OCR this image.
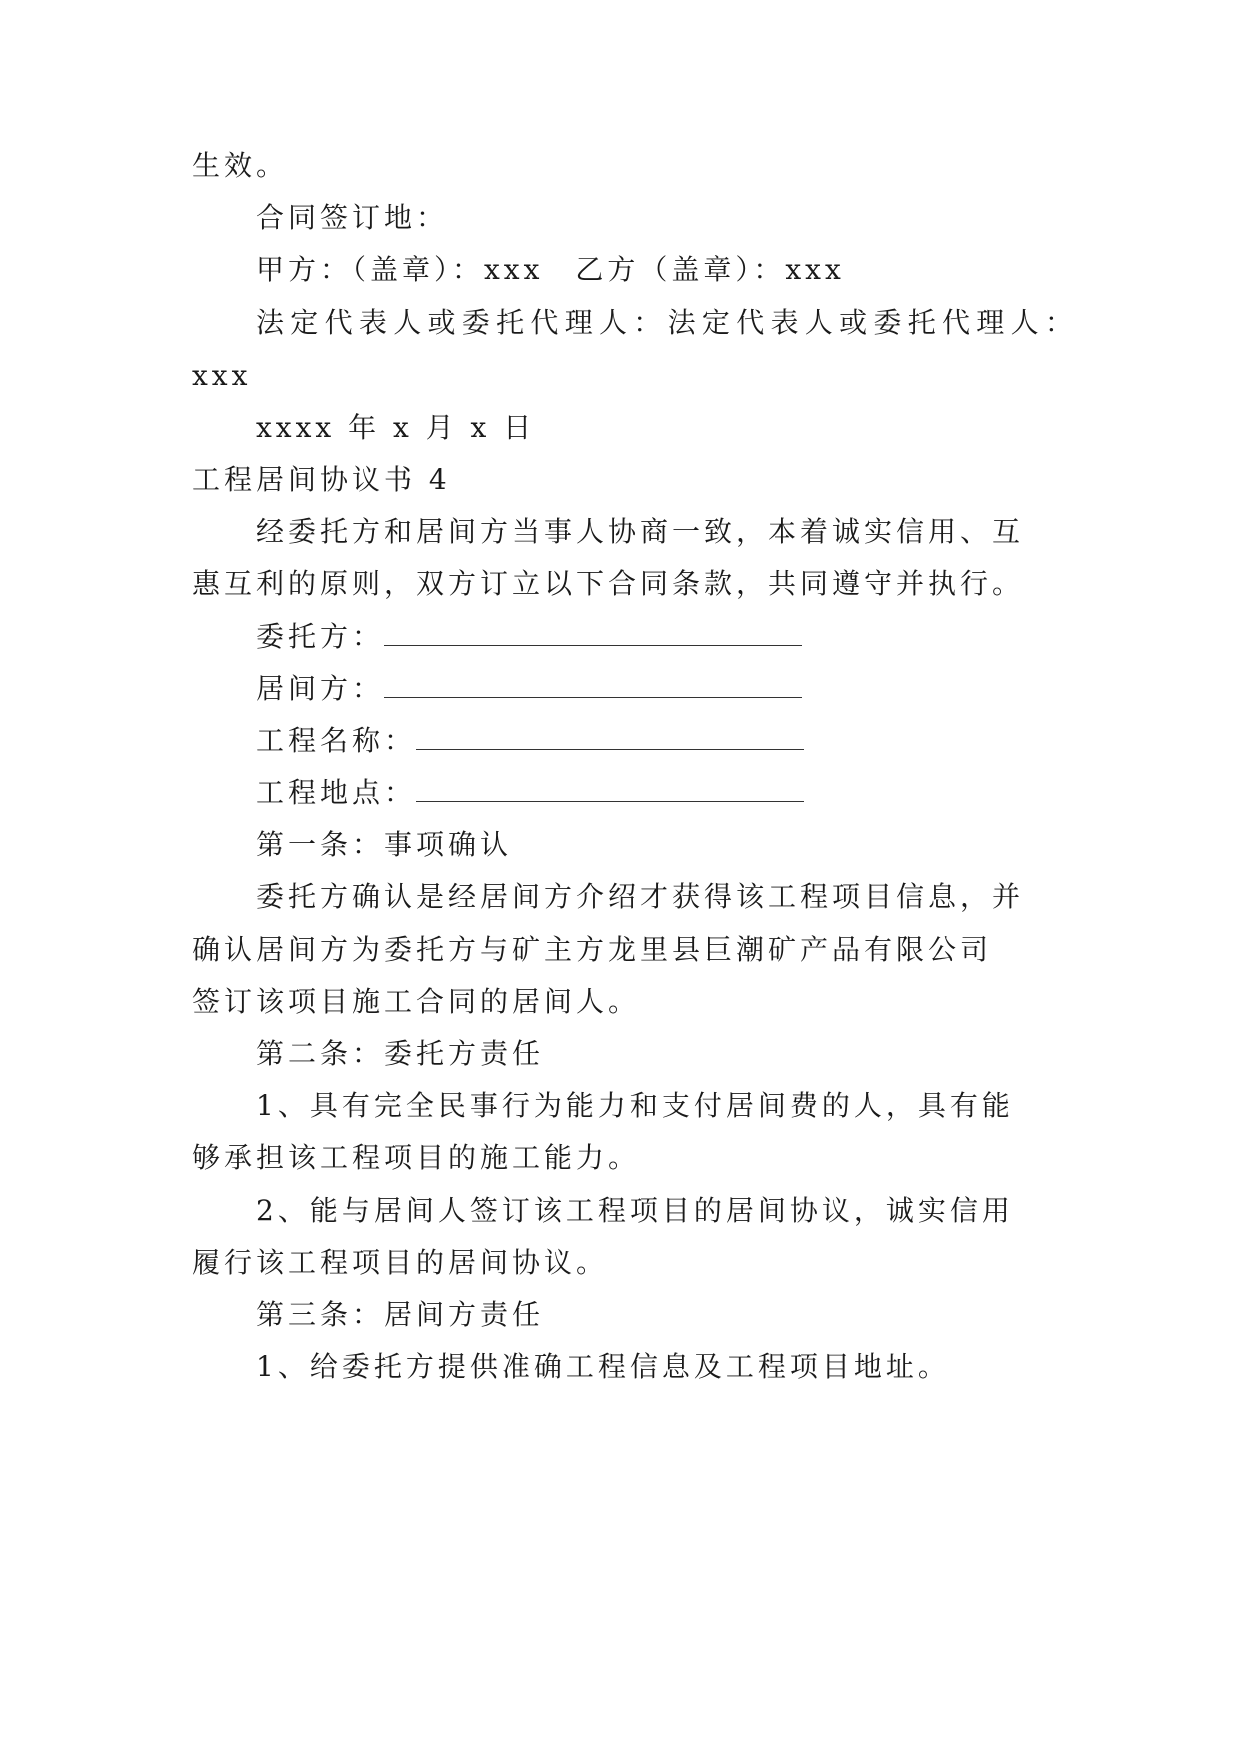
生效。
合同签订地：
甲方：（盖章）：xxx　乙方（盖章）：xxx
法定代表人或委托代理人：法定代表人或委托代理人：
xxx
xxxx 年 x 月 x 日
工程居间协议书 4
经委托方和居间方当事人协商一致，本着诚实信用、互
惠互利的原则，双方订立以下合同条款，共同遵守并执行。
委托方：
居间方：
工程名称：
工程地点：
第一条：事项确认
委托方确认是经居间方介绍才获得该工程项目信息，并
确认居间方为委托方与矿主方龙里县巨潮矿产品有限公司
签订该项目施工合同的居间人。
第二条：委托方责任
1、具有完全民事行为能力和支付居间费的人，具有能
够承担该工程项目的施工能力。
2、能与居间人签订该工程项目的居间协议，诚实信用
履行该工程项目的居间协议。
第三条：居间方责任
1、给委托方提供准确工程信息及工程项目地址。
